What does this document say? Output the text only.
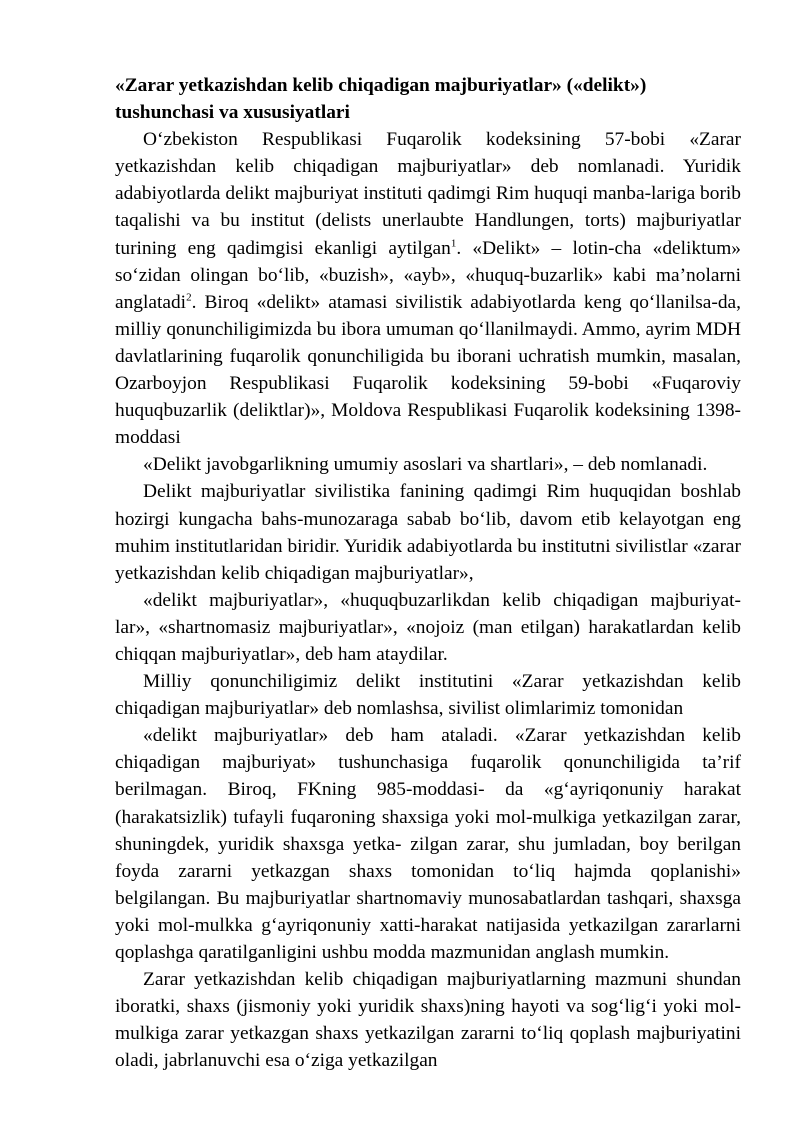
«Zarar yetkazishdan kelib chiqadigan majburiyatlar» («delikt») tushunchasi va xususiyatlari

O‘zbekiston Respublikasi Fuqarolik kodeksining 57-bobi «Zarar yetkazishdan kelib chiqadigan majburiyatlar» deb nomlanadi. Yuridik adabiyotlarda delikt majburiyat instituti qadimgi Rim huquqi manba-lariga borib taqalishi va bu institut (delists unerlaubte Handlungen, torts) majburiyatlar turining eng qadimgisi ekanligi aytilgan$^1$. «Delikt» – lotin-cha «deliktum» so‘zidan olingan bo‘lib, «buzish», «ayb», «huquq-buzarlik» kabi ma’nolarni anglatadi$^2$. Biroq «delikt» atamasi sivilistik adabiyotlarda keng qo‘llanilsa-da, milliy qonunchiligimizda bu ibora umuman qo‘llanilmaydi. Ammo, ayrim MDH davlatlarining fuqarolik qonunchiligida bu iborani uchratish mumkin, masalan, Ozarboyjon Respublikasi Fuqarolik kodeksining 59-bobi «Fuqaroviy huquqbuzarlik (deliktlar)», Moldova Respublikasi Fuqarolik kodeksining 1398-moddasi

«Delikt javobgarlikning umumiy asoslari va shartlari», – deb nomlanadi.

Delikt majburiyatlar sivilistika fanining qadimgi Rim huquqidan boshlab hozirgi kungacha bahs-munozaraga sabab bo‘lib, davom etib kelayotgan eng muhim institutlaridan biridir. Yuridik adabiyotlarda bu institutni sivilistlar «zarar yetkazishdan kelib chiqadigan majburiyatlar»,

«delikt majburiyatlar», «huquqbuzarlikdan kelib chiqadigan majburiyat- lar», «shartnomasiz majburiyatlar», «nojoiz (man etilgan) harakatlardan kelib chiqqan majburiyatlar», deb ham ataydilar.

Milliy qonunchiligimiz delikt institutini «Zarar yetkazishdan kelib chiqadigan majburiyatlar» deb nomlashsa, sivilist olimlarimiz tomonidan

«delikt majburiyatlar» deb ham ataladi. «Zarar yetkazishdan kelib chiqadigan majburiyat» tushunchasiga fuqarolik qonunchiligida ta’rif berilmagan. Biroq, FKning 985-moddasi- da «g‘ayriqonuniy harakat (harakatsizlik) tufayli fuqaroning shaxsiga yoki mol-mulkiga yetkazilgan zarar, shuningdek, yuridik shaxsga yetka- zilgan zarar, shu jumladan, boy berilgan foyda zararni yetkazgan shaxs tomonidan to‘liq hajmda qoplanishi» belgilangan. Bu majburiyatlar shartnomaviy munosabatlardan tashqari, shaxsga yoki mol-mulkka g‘ayriqonuniy xatti-harakat natijasida yetkazilgan zararlarni qoplashga qaratilganligini ushbu modda mazmunidan anglash mumkin.

Zarar yetkazishdan kelib chiqadigan majburiyatlarning mazmuni shundan iboratki, shaxs (jismoniy yoki yuridik shaxs)ning hayoti va sog‘lig‘i yoki mol-mulkiga zarar yetkazgan shaxs yetkazilgan zararni to‘liq qoplash majburiyatini oladi, jabrlanuvchi esa o‘ziga yetkazilgan
